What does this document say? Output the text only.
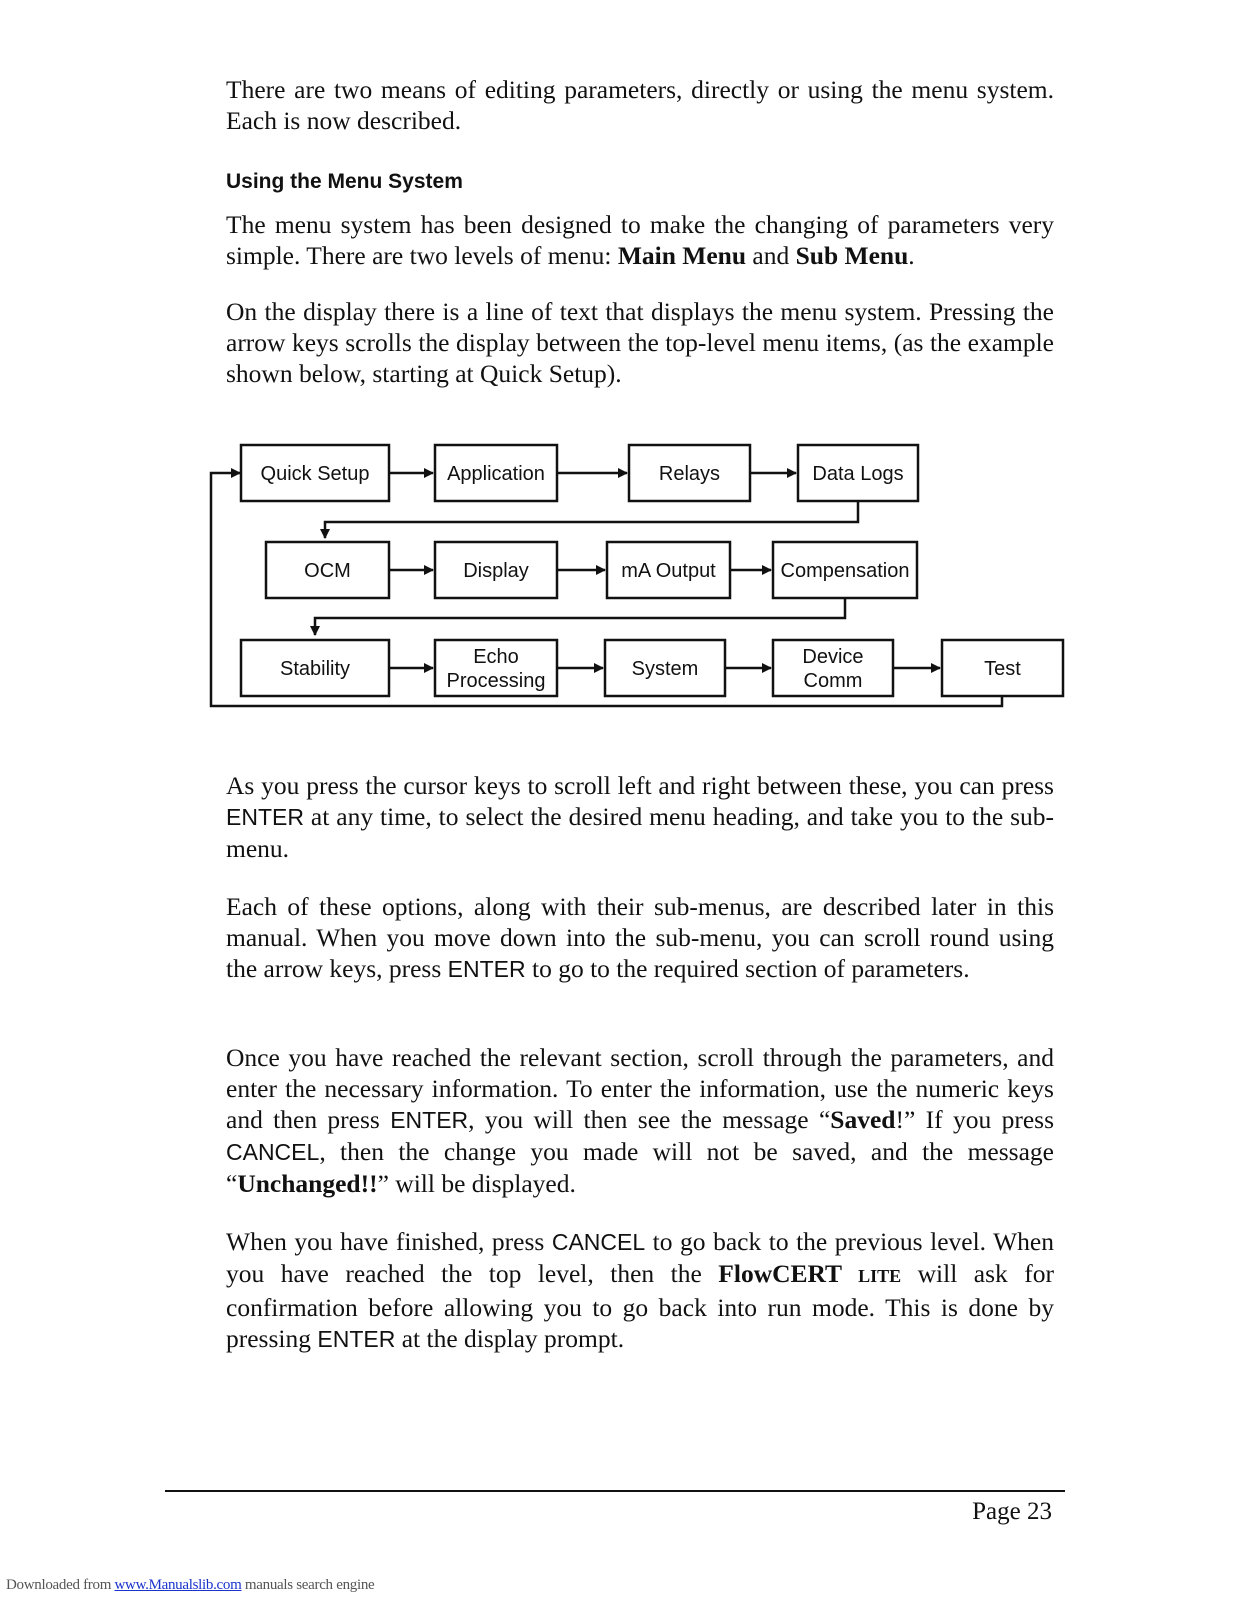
There are two means of editing parameters, directly or using the menu system. Each is now described.

Using the Menu System

The menu system has been designed to make the changing of parameters very simple. There are two levels of menu: Main Menu and Sub Menu.

On the display there is a line of text that displays the menu system. Pressing the arrow keys scrolls the display between the top-level menu items, (as the example shown below, starting at Quick Setup).

Quick Setup	Application	Relays	Data Logs
OCM	Display	mA Output	Compensation
Stability
Echo
Processing
System
Device
Comm
Test

As you press the cursor keys to scroll left and right between these, you can press ENTER at any time, to select the desired menu heading, and take you to the sub-menu.

Each of these options, along with their sub-menus, are described later in this manual. When you move down into the sub-menu, you can scroll round using the arrow keys, press ENTER to go to the required section of parameters.

Once you have reached the relevant section, scroll through the parameters, and enter the necessary information. To enter the information, use the numeric keys and then press ENTER, you will then see the message “Saved!” If you press CANCEL, then the change you made will not be saved, and the message “Unchanged!!” will be displayed.

When you have finished, press CANCEL to go back to the previous level. When you have reached the top level, then the FlowCERT LITE will ask for confirmation before allowing you to go back into run mode. This is done by pressing ENTER at the display prompt.

Page 23

Downloaded from www.Manualslib.com manuals search engine
